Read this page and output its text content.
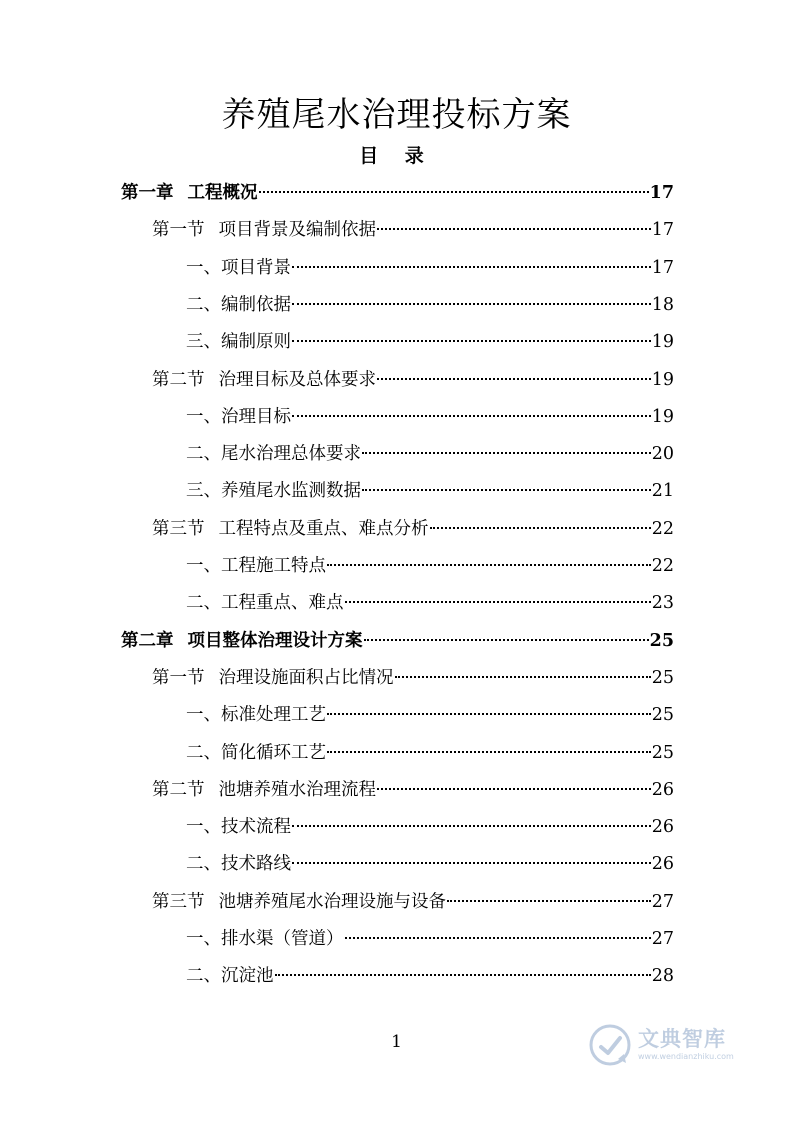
养殖尾水治理投标方案
目 录
第一章 工程概况	17
第一节 项目背景及编制依据	17
一、 项目背景	17
二、 编制依据	18
三、 编制原则	19
第二节 治理目标及总体要求	19
一、 治理目标	19
二、 尾水治理总体要求	20
三、 养殖尾水监测数据	21
第三节 工程特点及重点、难点分析	22
一、 工程施工特点	22
二、 工程重点、难点	23
第二章 项目整体治理设计方案	25
第一节 治理设施面积占比情况	25
一、 标准处理工艺	25
二、 简化循环工艺	25
第二节 池塘养殖水治理流程	26
一、 技术流程	26
二、 技术路线	26
第三节 池塘养殖尾水治理设施与设备	27
一、 排水渠（管道）	27
二、 沉淀池	28
1	文典智库
www.wendianzhiku.com
